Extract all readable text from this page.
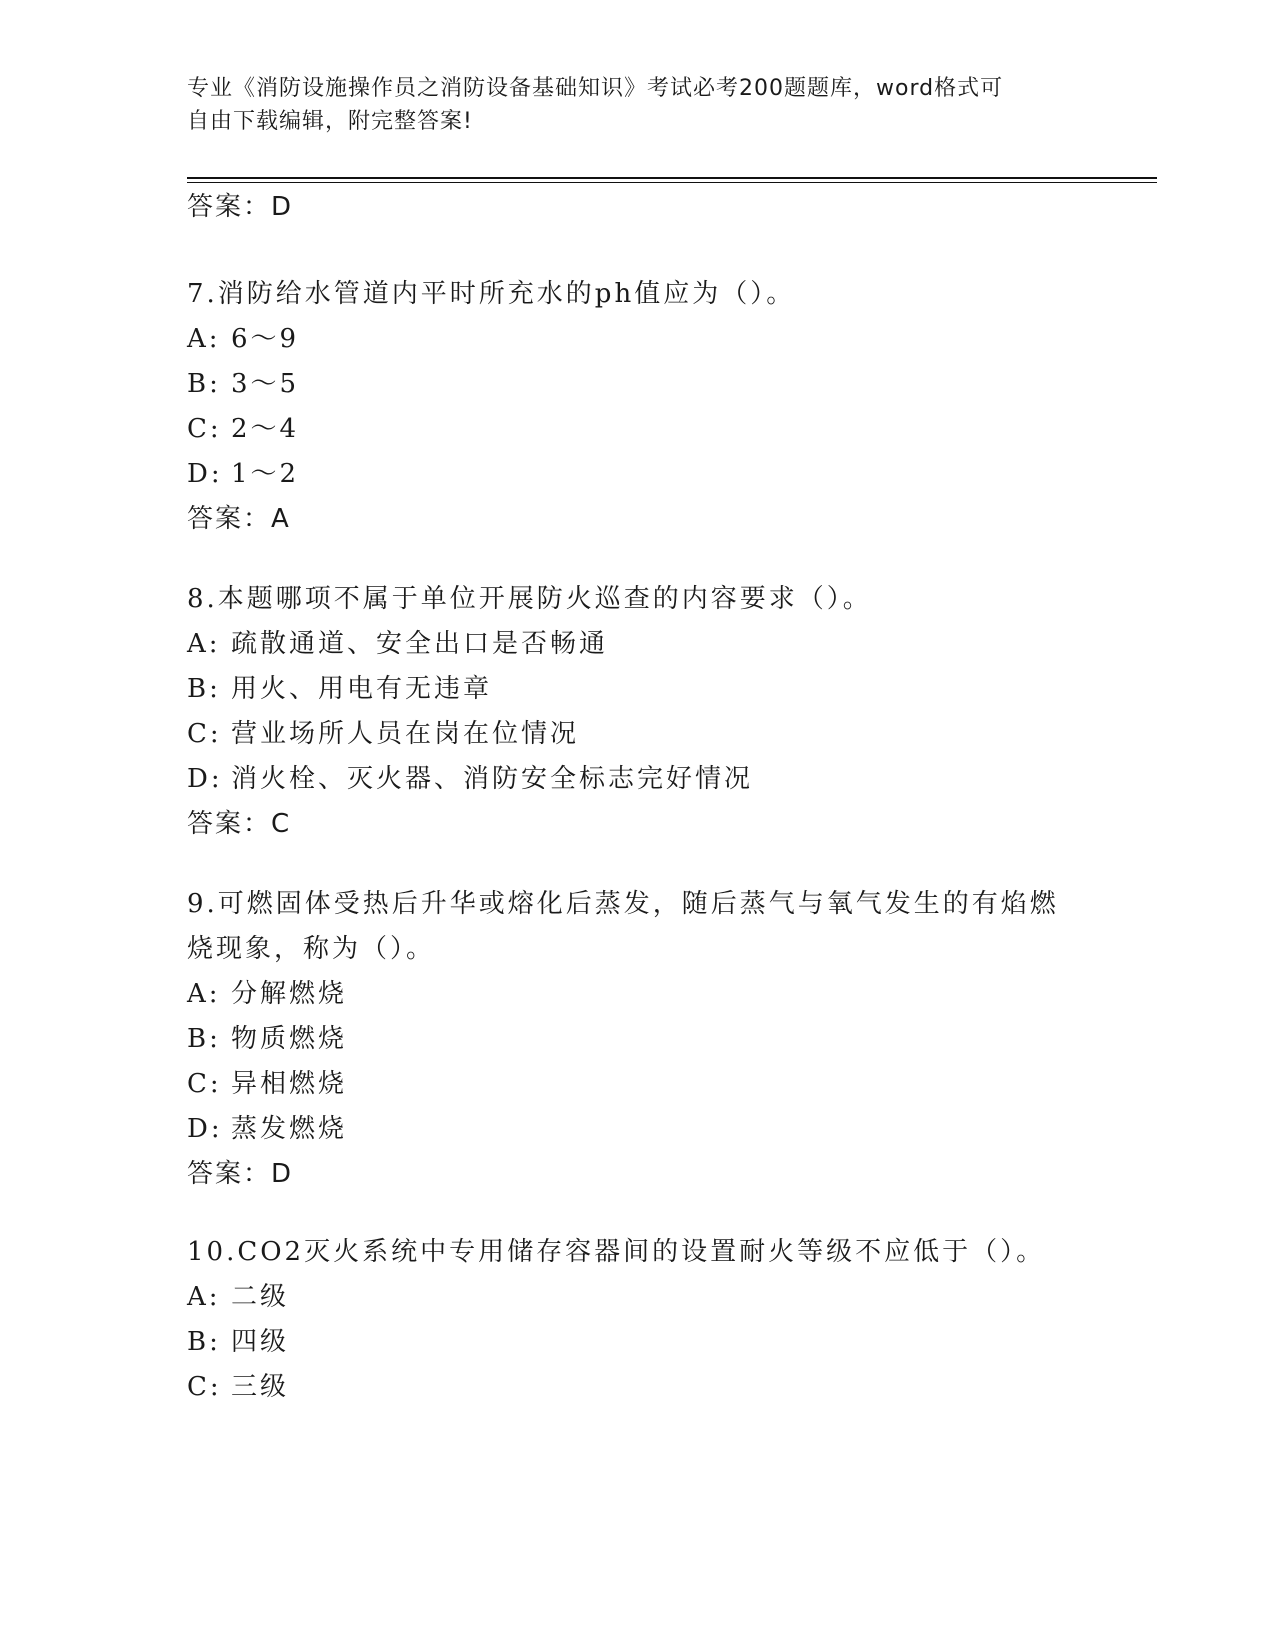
专业《消防设施操作员之消防设备基础知识》考试必考200题题库，word格式可
自由下载编辑，附完整答案!
答案：D
7.消防给水管道内平时所充水的ph值应为（）。
A: 6～9
B: 3～5
C: 2～4
D: 1～2
答案：A
8.本题哪项不属于单位开展防火巡查的内容要求（）。
A: 疏散通道、安全出口是否畅通
B: 用火、用电有无违章
C: 营业场所人员在岗在位情况
D: 消火栓、灭火器、消防安全标志完好情况
答案：C
9.可燃固体受热后升华或熔化后蒸发，随后蒸气与氧气发生的有焰燃
烧现象，称为（）。
A: 分解燃烧
B: 物质燃烧
C: 异相燃烧
D: 蒸发燃烧
答案：D
10.CO2灭火系统中专用储存容器间的设置耐火等级不应低于（）。
A: 二级
B: 四级
C: 三级
